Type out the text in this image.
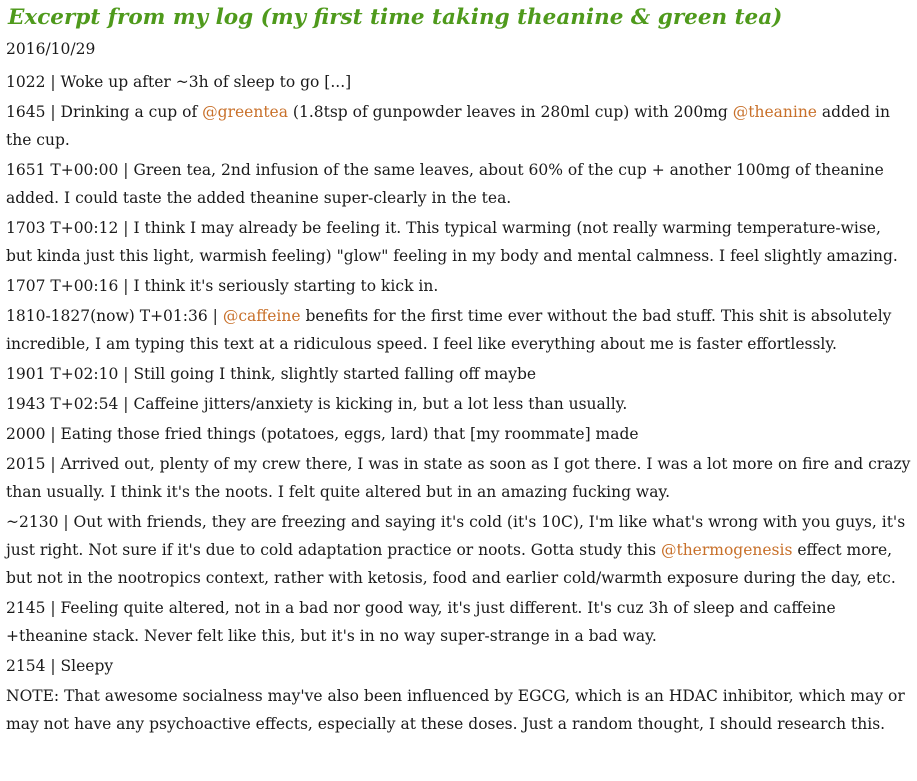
Excerpt from my log (my first time taking theanine & green tea)
2016/10/29
1022 | Woke up after ~3h of sleep to go [...]
1645 | Drinking a cup of @greentea (1.8tsp of gunpowder leaves in 280ml cup) with 200mg @theanine added in the cup.
1651 T+00:00 | Green tea, 2nd infusion of the same leaves, about 60% of the cup + another 100mg of theanine added. I could taste the added theanine super-clearly in the tea.
1703 T+00:12 | I think I may already be feeling it. This typical warming (not really warming temperature-wise, but kinda just this light, warmish feeling) "glow" feeling in my body and mental calmness. I feel slightly amazing.
1707 T+00:16 | I think it's seriously starting to kick in.
1810-1827(now) T+01:36 | @caffeine benefits for the first time ever without the bad stuff. This shit is absolutely incredible, I am typing this text at a ridiculous speed. I feel like everything about me is faster effortlessly.
1901 T+02:10 | Still going I think, slightly started falling off maybe
1943 T+02:54 | Caffeine jitters/anxiety is kicking in, but a lot less than usually.
2000 | Eating those fried things (potatoes, eggs, lard) that [my roommate] made
2015 | Arrived out, plenty of my crew there, I was in state as soon as I got there. I was a lot more on fire and crazy than usually. I think it's the noots. I felt quite altered but in an amazing fucking way.
~2130 | Out with friends, they are freezing and saying it's cold (it's 10C), I'm like what's wrong with you guys, it's just right. Not sure if it's due to cold adaptation practice or noots. Gotta study this @thermogenesis effect more, but not in the nootropics context, rather with ketosis, food and earlier cold/warmth exposure during the day, etc.
2145 | Feeling quite altered, not in a bad nor good way, it's just different. It's cuz 3h of sleep and caffeine +theanine stack. Never felt like this, but it's in no way super-strange in a bad way.
2154 | Sleepy
NOTE: That awesome socialness may've also been influenced by EGCG, which is an HDAC inhibitor, which may or may not have any psychoactive effects, especially at these doses. Just a random thought, I should research this.
